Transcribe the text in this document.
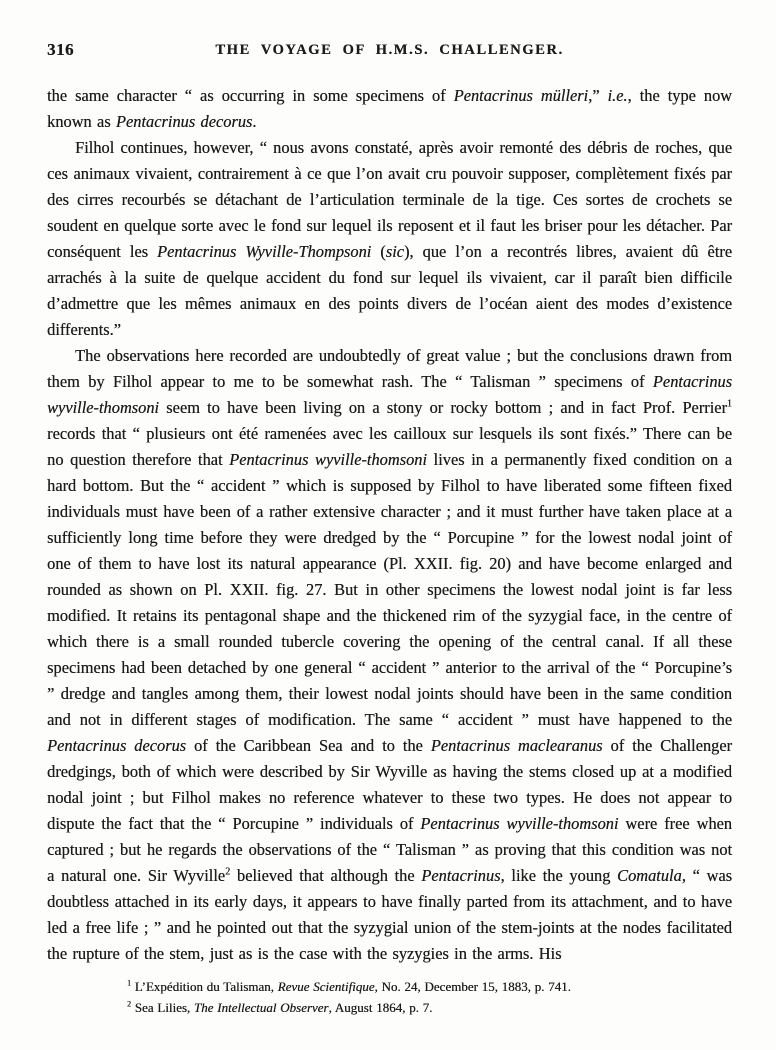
316	THE VOYAGE OF H.M.S. CHALLENGER.

the same character “ as occurring in some specimens of Pentacrinus mülleri,” i.e., the type now known as Pentacrinus decorus.

Filhol continues, however, “ nous avons constaté, après avoir remonté des débris de roches, que ces animaux vivaient, contrairement à ce que l’on avait cru pouvoir supposer, complètement fixés par des cirres recourbés se détachant de l’articulation terminale de la tige. Ces sortes de crochets se soudent en quelque sorte avec le fond sur lequel ils reposent et il faut les briser pour les détacher. Par conséquent les Pentacrinus Wyville-Thompsoni (sic), que l’on a recontrés libres, avaient dû être arrachés à la suite de quelque accident du fond sur lequel ils vivaient, car il paraît bien difficile d’admettre que les mêmes animaux en des points divers de l’océan aient des modes d’existence differents.”

The observations here recorded are undoubtedly of great value ; but the conclusions drawn from them by Filhol appear to me to be somewhat rash. The “ Talisman ” specimens of Pentacrinus wyville-thomsoni seem to have been living on a stony or rocky bottom ; and in fact Prof. Perrier$^1$ records that “ plusieurs ont été ramenées avec les cailloux sur lesquels ils sont fixés.” There can be no question therefore that Pentacrinus wyville-thomsoni lives in a permanently fixed condition on a hard bottom. But the “ accident ” which is supposed by Filhol to have liberated some fifteen fixed individuals must have been of a rather extensive character ; and it must further have taken place at a sufficiently long time before they were dredged by the “ Porcupine ” for the lowest nodal joint of one of them to have lost its natural appearance (Pl. XXII. fig. 20) and have become enlarged and rounded as shown on Pl. XXII. fig. 27. But in other specimens the lowest nodal joint is far less modified. It retains its pentagonal shape and the thickened rim of the syzygial face, in the centre of which there is a small rounded tubercle covering the opening of the central canal. If all these specimens had been detached by one general “ accident ” anterior to the arrival of the “ Porcupine’s ” dredge and tangles among them, their lowest nodal joints should have been in the same condition and not in different stages of modification. The same “ accident ” must have happened to the Pentacrinus decorus of the Caribbean Sea and to the Pentacrinus maclearanus of the Challenger dredgings, both of which were described by Sir Wyville as having the stems closed up at a modified nodal joint ; but Filhol makes no reference whatever to these two types. He does not appear to dispute the fact that the “ Porcupine ” individuals of Pentacrinus wyville-thomsoni were free when captured ; but he regards the observations of the “ Talisman ” as proving that this condition was not a natural one. Sir Wyville$^2$ believed that although the Pentacrinus, like the young Comatula, “ was doubtless attached in its early days, it appears to have finally parted from its attachment, and to have led a free life ; ” and he pointed out that the syzygial union of the stem-joints at the nodes facilitated the rupture of the stem, just as is the case with the syzygies in the arms. His

$^1$ L’Expédition du Talisman, Revue Scientifique, No. 24, December 15, 1883, p. 741.
$^2$ Sea Lilies, The Intellectual Observer, August 1864, p. 7.
